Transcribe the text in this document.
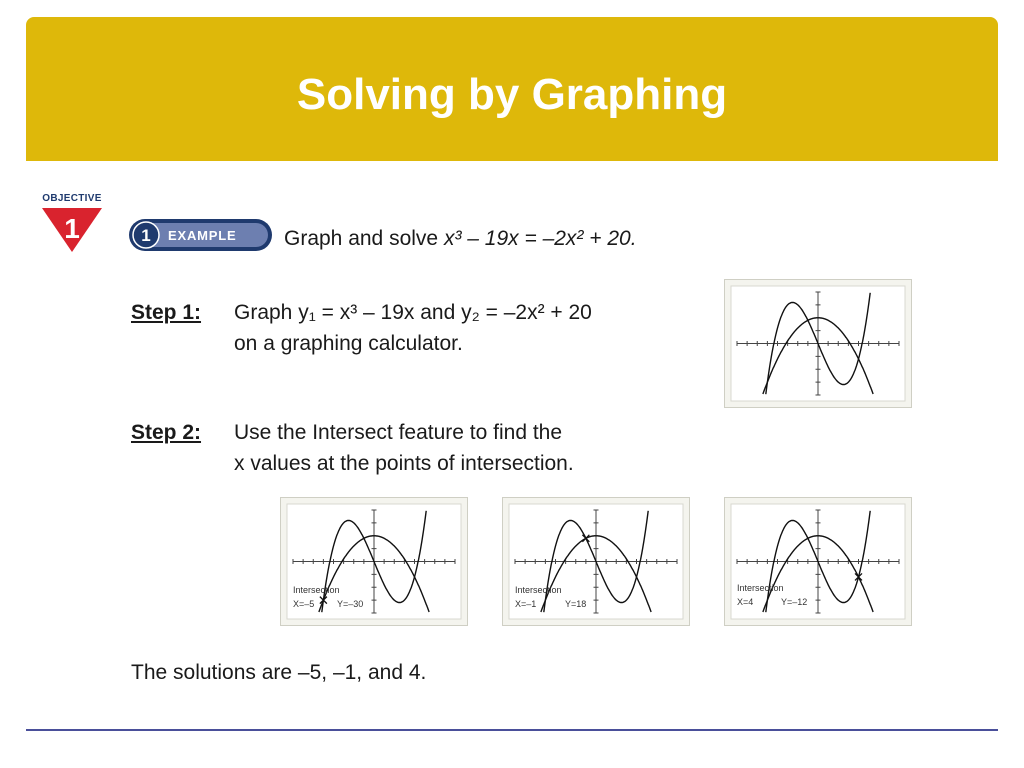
Solving by Graphing
OBJECTIVE
1	1 EXAMPLE Graph and solve x³ – 19x = –2x² + 20.
Step 1: Graph y₁ = x³ – 19x and y₂ = –2x² + 20
on a graphing calculator.
Step 2: Use the Intersect feature to find the
x values at the points of intersection.
Intersection
X=–5	Y=–30
Intersection
X=–1	Y=18
Intersection
X=4	Y=–12
The solutions are –5, –1, and 4.
